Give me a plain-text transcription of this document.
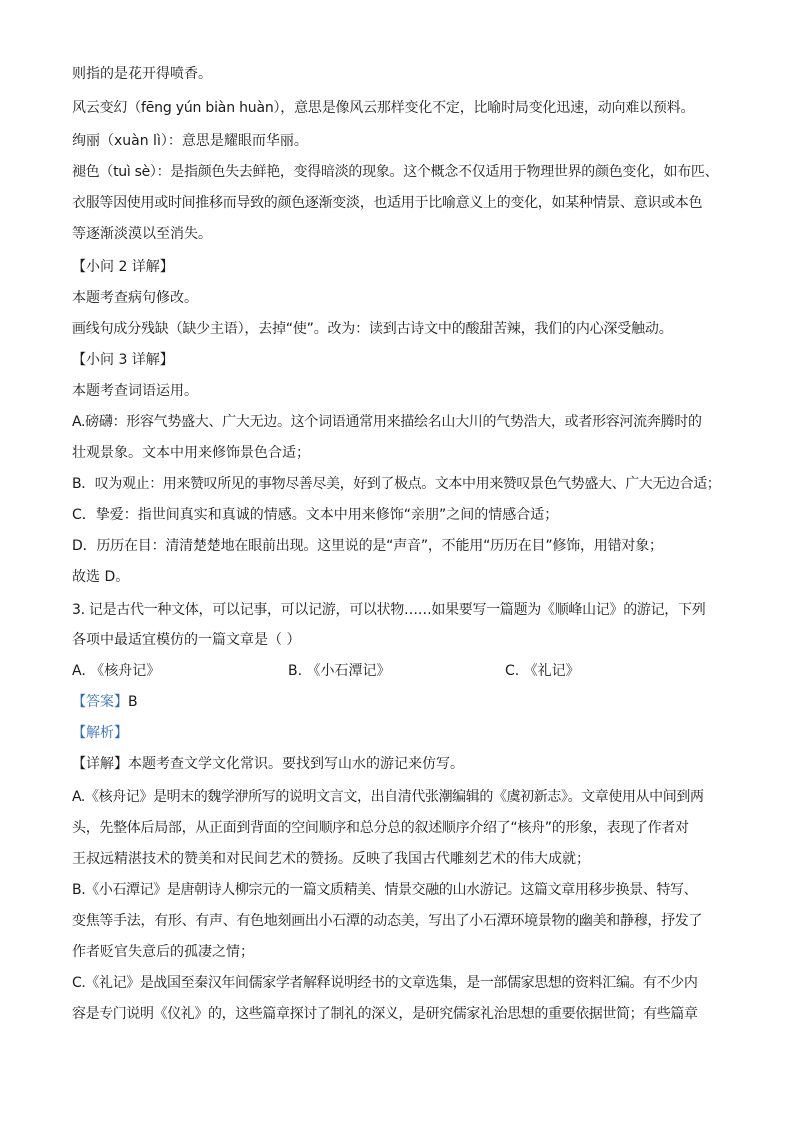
则指的是花开得喷香。
风云变幻（fēng yún biàn huàn），意思是像风云那样变化不定，比喻时局变化迅速，动向难以预料。
绚丽（xuàn lì）：意思是耀眼而华丽。
褪色（tuì sè）：是指颜色失去鲜艳，变得暗淡的现象。这个概念不仅适用于物理世界的颜色变化，如布匹、
衣服等因使用或时间推移而导致的颜色逐渐变淡，也适用于比喻意义上的变化，如某种情景、意识或本色
等逐渐淡漠以至消失。
【小问 2 详解】
本题考查病句修改。
画线句成分残缺（缺少主语），去掉“使”。改为：读到古诗文中的酸甜苦辣，我们的内心深受触动。
【小问 3 详解】
本题考查词语运用。
A.磅礴：形容气势盛大、广大无边。这个词语通常用来描绘名山大川的气势浩大，或者形容河流奔腾时的
壮观景象。文本中用来修饰景色合适；
B．叹为观止：用来赞叹所见的事物尽善尽美，好到了极点。文本中用来赞叹景色气势盛大、广大无边合适；
C．挚爱：指世间真实和真诚的情感。文本中用来修饰“亲朋”之间的情感合适；
D．历历在目：清清楚楚地在眼前出现。这里说的是“声音”，不能用“历历在目”修饰，用错对象；
故选 D。
3. 记是古代一种文体，可以记事，可以记游，可以状物……如果要写一篇题为《顺峰山记》的游记，下列
各项中最适宜模仿的一篇文章是（ ）
A. 《核舟记》	B. 《小石潭记》	C. 《礼记》
【答案】B
【解析】
【详解】本题考查文学文化常识。要找到写山水的游记来仿写。
A.《核舟记》是明末的魏学洢所写的说明文言文，出自清代张潮编辑的《虞初新志》。文章使用从中间到两
头，先整体后局部，从正面到背面的空间顺序和总分总的叙述顺序介绍了“核舟”的形象，表现了作者对
王叔远精湛技术的赞美和对民间艺术的赞扬。反映了我国古代雕刻艺术的伟大成就；
B.《小石潭记》是唐朝诗人柳宗元的一篇文质精美、情景交融的山水游记。这篇文章用移步换景、特写、
变焦等手法，有形、有声、有色地刻画出小石潭的动态美，写出了小石潭环境景物的幽美和静穆，抒发了
作者贬官失意后的孤凄之情；
C.《礼记》是战国至秦汉年间儒家学者解释说明经书的文章选集，是一部儒家思想的资料汇编。有不少内
容是专门说明《仪礼》的，这些篇章探讨了制礼的深义，是研究儒家礼治思想的重要依据世简；有些篇章
